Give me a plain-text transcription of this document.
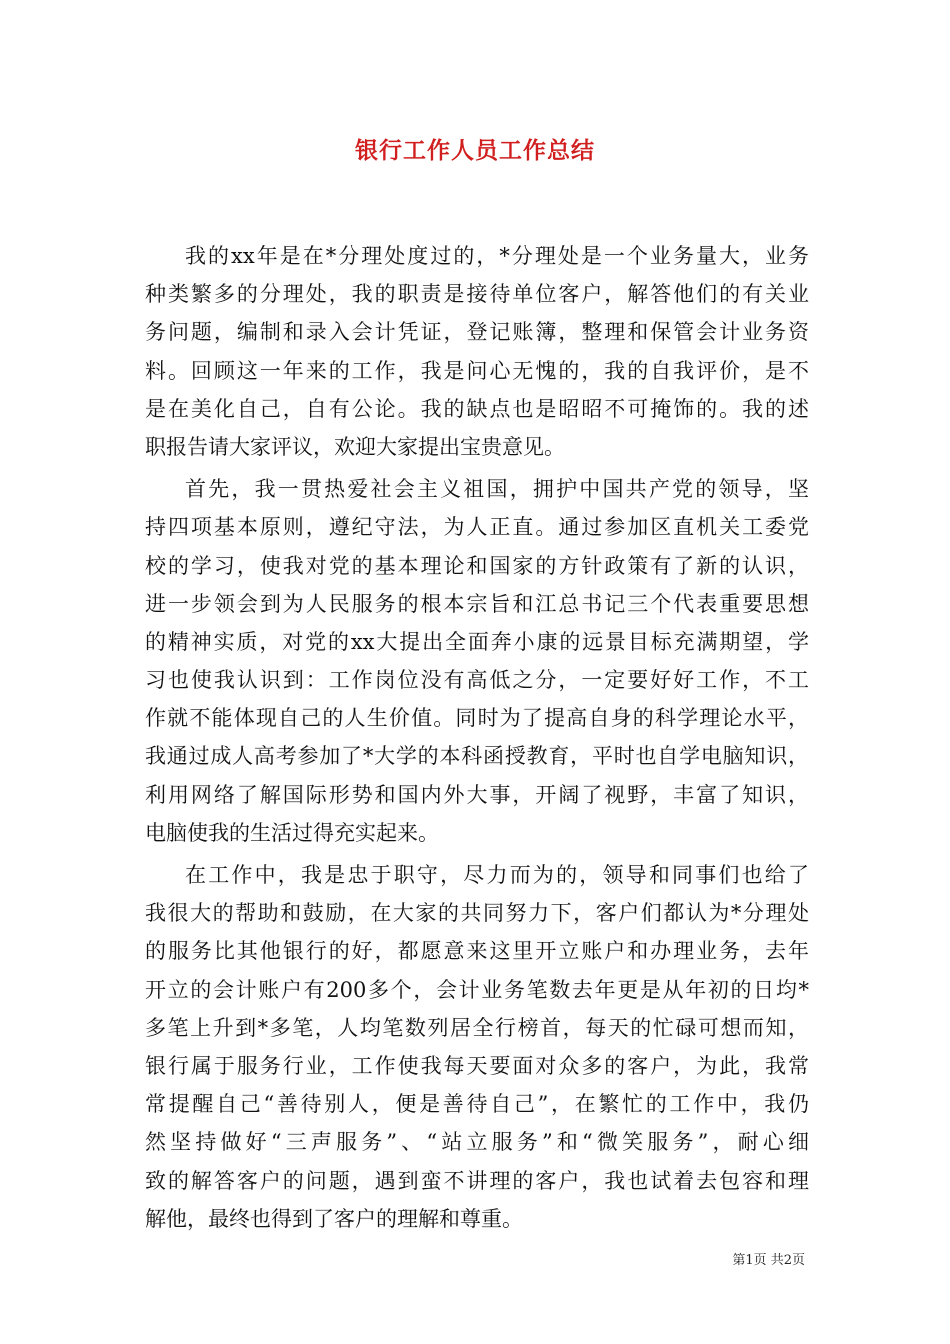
银行工作人员工作总结
我的xx年是在*分理处度过的，*分理处是一个业务量大，业务
种类繁多的分理处，我的职责是接待单位客户，解答他们的有关业
务问题，编制和录入会计凭证，登记账簿，整理和保管会计业务资
料。回顾这一年来的工作，我是问心无愧的，我的自我评价，是不
是在美化自己，自有公论。我的缺点也是昭昭不可掩饰的。我的述
职报告请大家评议，欢迎大家提出宝贵意见。
首先，我一贯热爱社会主义祖国，拥护中国共产党的领导，坚
持四项基本原则，遵纪守法，为人正直。通过参加区直机关工委党
校的学习，使我对党的基本理论和国家的方针政策有了新的认识，
进一步领会到为人民服务的根本宗旨和江总书记三个代表重要思想
的精神实质，对党的xx大提出全面奔小康的远景目标充满期望，学
习也使我认识到：工作岗位没有高低之分，一定要好好工作，不工
作就不能体现自己的人生价值。同时为了提高自身的科学理论水平，
我通过成人高考参加了*大学的本科函授教育，平时也自学电脑知识，
利用网络了解国际形势和国内外大事，开阔了视野，丰富了知识，
电脑使我的生活过得充实起来。
在工作中，我是忠于职守，尽力而为的，领导和同事们也给了
我很大的帮助和鼓励，在大家的共同努力下，客户们都认为*分理处
的服务比其他银行的好，都愿意来这里开立账户和办理业务，去年
开立的会计账户有200多个，会计业务笔数去年更是从年初的日均*
多笔上升到*多笔，人均笔数列居全行榜首，每天的忙碌可想而知，
银行属于服务行业，工作使我每天要面对众多的客户，为此，我常
常提醒自己“善待别人，便是善待自己”，在繁忙的工作中，我仍
然坚持做好“三声服务”、“站立服务”和“微笑服务”，耐心细
致的解答客户的问题，遇到蛮不讲理的客户，我也试着去包容和理
解他，最终也得到了客户的理解和尊重。
第1页 共2页
